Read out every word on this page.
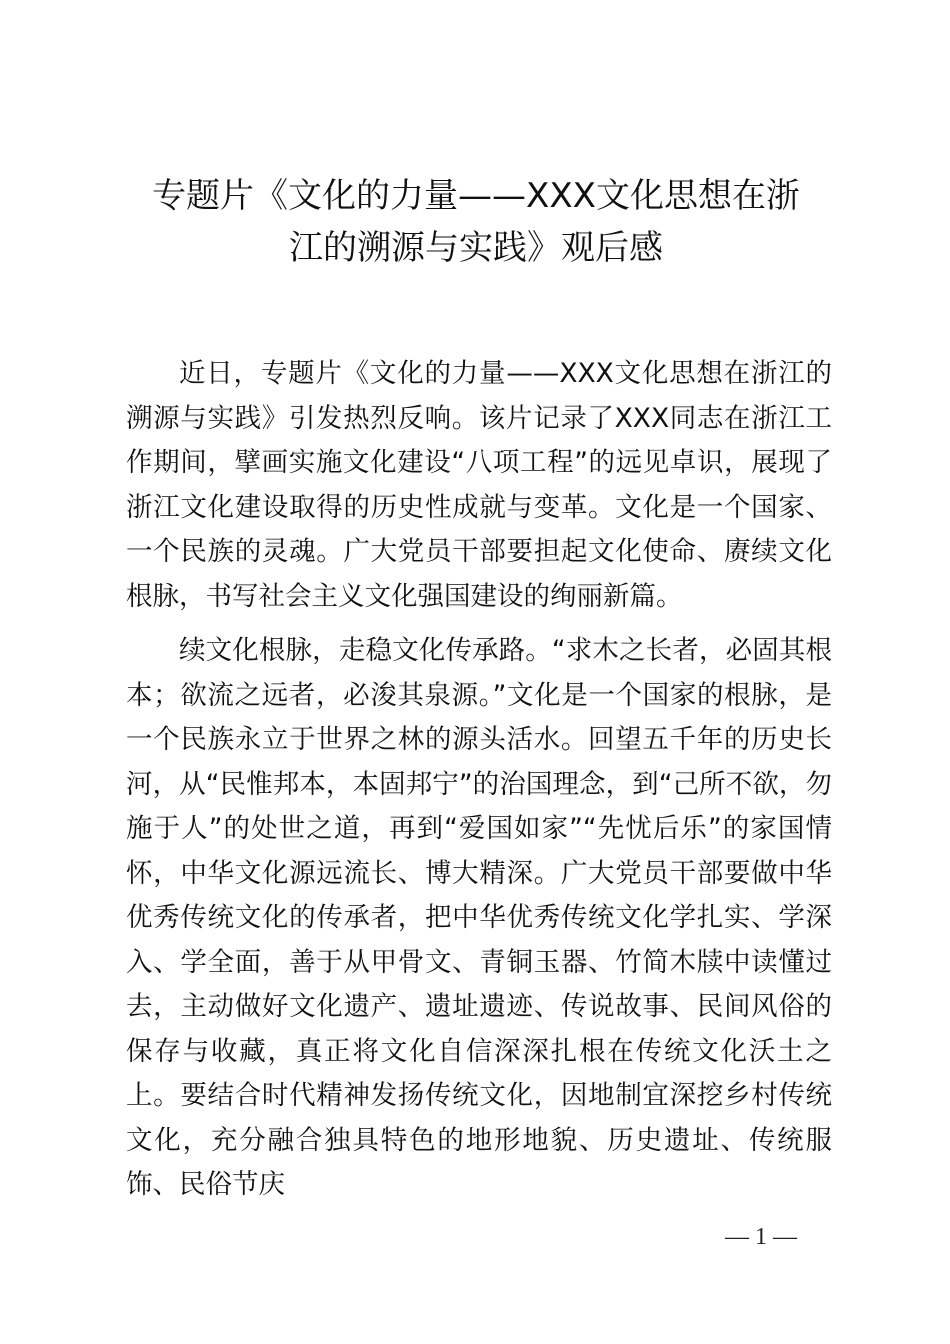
专题片《文化的力量——XXX文化思想在浙
江的溯源与实践》观后感

近日，专题片《文化的力量——XXX文化思想在浙江的溯源与实践》引发热烈反响。该片记录了XXX同志在浙江工作期间，擘画实施文化建设“八项工程”的远见卓识，展现了浙江文化建设取得的历史性成就与变革。文化是一个国家、一个民族的灵魂。广大党员干部要担起文化使命、赓续文化根脉，书写社会主义文化强国建设的绚丽新篇。

续文化根脉，走稳文化传承路。“求木之长者，必固其根本；欲流之远者，必浚其泉源。”文化是一个国家的根脉，是一个民族永立于世界之林的源头活水。回望五千年的历史长河，从“民惟邦本，本固邦宁”的治国理念，到“己所不欲，勿施于人”的处世之道，再到“爱国如家”“先忧后乐”的家国情怀，中华文化源远流长、博大精深。广大党员干部要做中华优秀传统文化的传承者，把中华优秀传统文化学扎实、学深入、学全面，善于从甲骨文、青铜玉器、竹简木牍中读懂过去，主动做好文化遗产、遗址遗迹、传说故事、民间风俗的保存与收藏，真正将文化自信深深扎根在传统文化沃土之上。要结合时代精神发扬传统文化，因地制宜深挖乡村传统文化，充分融合独具特色的地形地貌、历史遗址、传统服饰、民俗节庆

— 1 —
